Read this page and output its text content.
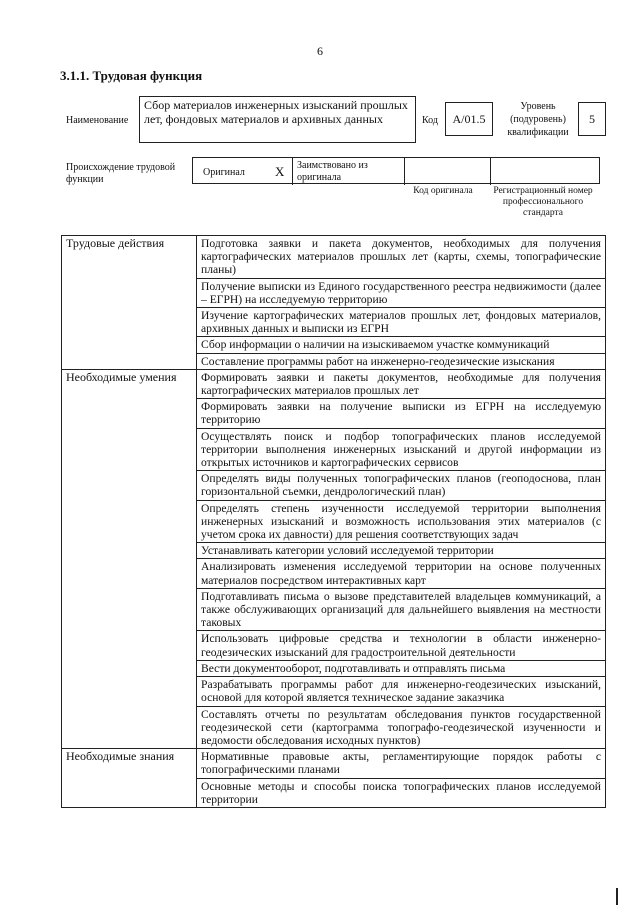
6
3.1.1. Трудовая функция
Наименование
Сбор материалов инженерных изысканий прошлых лет, фондовых материалов и архивных данных	Код A/01.5
Уровень (подуровень) квалификации
5
Происхождение трудовой функции
Оригинал X Заимствовано из оригинала
Код оригинала	Регистрационный номер профессионального стандарта
Трудовые действия	Подготовка заявки и пакета документов, необходимых для получения картографических материалов прошлых лет (карты, схемы, топографические планы)
	Получение выписки из Единого государственного реестра недвижимости (далее – ЕГРН) на исследуемую территорию
	Изучение картографических материалов прошлых лет, фондовых материалов, архивных данных и выписки из ЕГРН
	Сбор информации о наличии на изыскиваемом участке коммуникаций
	Составление программы работ на инженерно-геодезические изыскания
Необходимые умения	Формировать заявки и пакеты документов, необходимые для получения картографических материалов прошлых лет
	Формировать заявки на получение выписки из ЕГРН на исследуемую территорию
	Осуществлять поиск и подбор топографических планов исследуемой территории выполнения инженерных изысканий и другой информации из открытых источников и картографических сервисов
	Определять виды полученных топографических планов (геоподоснова, план горизонтальной съемки, дендрологический план)
	Определять степень изученности исследуемой территории выполнения инженерных изысканий и возможность использования этих материалов (с учетом срока их давности) для решения соответствующих задач
	Устанавливать категории условий исследуемой территории
	Анализировать изменения исследуемой территории на основе полученных материалов посредством интерактивных карт
	Подготавливать письма о вызове представителей владельцев коммуникаций, а также обслуживающих организаций для дальнейшего выявления на местности таковых
	Использовать цифровые средства и технологии в области инженерно-геодезических изысканий для градостроительной деятельности
	Вести документооборот, подготавливать и отправлять письма
	Разрабатывать программы работ для инженерно-геодезических изысканий, основой для которой является техническое задание заказчика
	Составлять отчеты по результатам обследования пунктов государственной геодезической сети (картограмма топографо-геодезической изученности и ведомости обследования исходных пунктов)
Необходимые знания	Нормативные правовые акты, регламентирующие порядок работы с топографическими планами
	Основные методы и способы поиска топографических планов исследуемой территории
